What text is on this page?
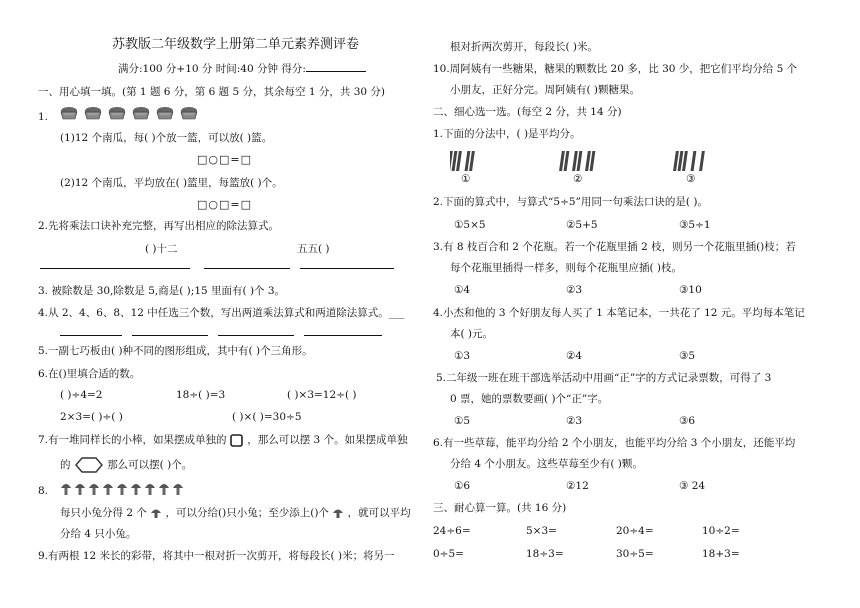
苏教版二年级数学上册第二单元素养测评卷
满分:100 分+10 分 时间:40 分钟 得分:
一、用心填一填。(第 1 题 6 分，第 6 题 5 分，其余每空 1 分，共 30 分)
1.
(1)12 个南瓜，每( )个放一篮，可以放( )篮。
□○□=□
(2)12 个南瓜，平均放在( )篮里，每篮放( )个。
□○□=□
2.先将乘法口诀补充完整，再写出相应的除法算式。
( )十二	五五( )
3. 被除数是 30,除数是 5,商是( );15 里面有( )个 3。
4.从 2、4、6、8、12 中任选三个数，写出两道乘法算式和两道除法算式。___
5.一副七巧板由( )种不同的图形组成，其中有( )个三角形。
6.在()里填合适的数。
( )÷4=2	18÷( )=3	( )×3=12÷( )
2×3=( )÷( )	( )×( )=30÷5
7.有一堆同样长的小棒，如果摆成单独的 ，那么可以摆 3 个。如果摆成单独
的	那么可以摆( )个。
8.
每只小兔分得 2 个 ，可以分给()只小兔；至少添上()个 ，就可以平均
分给 4 只小兔。
9.有两根 12 米长的彩带，将其中一根对折一次剪开，将每段长( )米；将另一
根对折两次剪开，每段长( )米。
10.周阿姨有一些糖果，糖果的颗数比 20 多，比 30 少，把它们平均分给 5 个
小朋友，正好分完。周阿姨有( )颗糖果。
二、细心选一选。(每空 2 分，共 14 分)
1.下面的分法中，( )是平均分。
①	②	③
2.下面的算式中，与算式“5÷5”用同一句乘法口诀的是( )。
①5×5	②5+5	③5÷1
3.有 8 枝百合和 2 个花瓶。若一个花瓶里插 2 枝，则另一个花瓶里插()枝；若
每个花瓶里插得一样多，则每个花瓶里应插( )枝。
①4	②3	③10
4.小杰和他的 3 个好朋友每人买了 1 本笔记本，一共花了 12 元。平均每本笔记
本( )元。
①3	②4	③5
5.二年级一班在班干部选举活动中用画“正”字的方式记录票数，可得了 3
0 票，她的票数要画( )个“正”字。
①5	②3	③6
6.有一些草莓，能平均分给 2 个小朋友，也能平均分给 3 个小朋友，还能平均
分给 4 个小朋友。这些草莓至少有( )颗。
①6	②12	③ 24
三、耐心算一算。(共 16 分)
24÷6=	5×3=	20÷4=	10÷2=
0÷5=	18÷3=	30÷5=	18+3=
